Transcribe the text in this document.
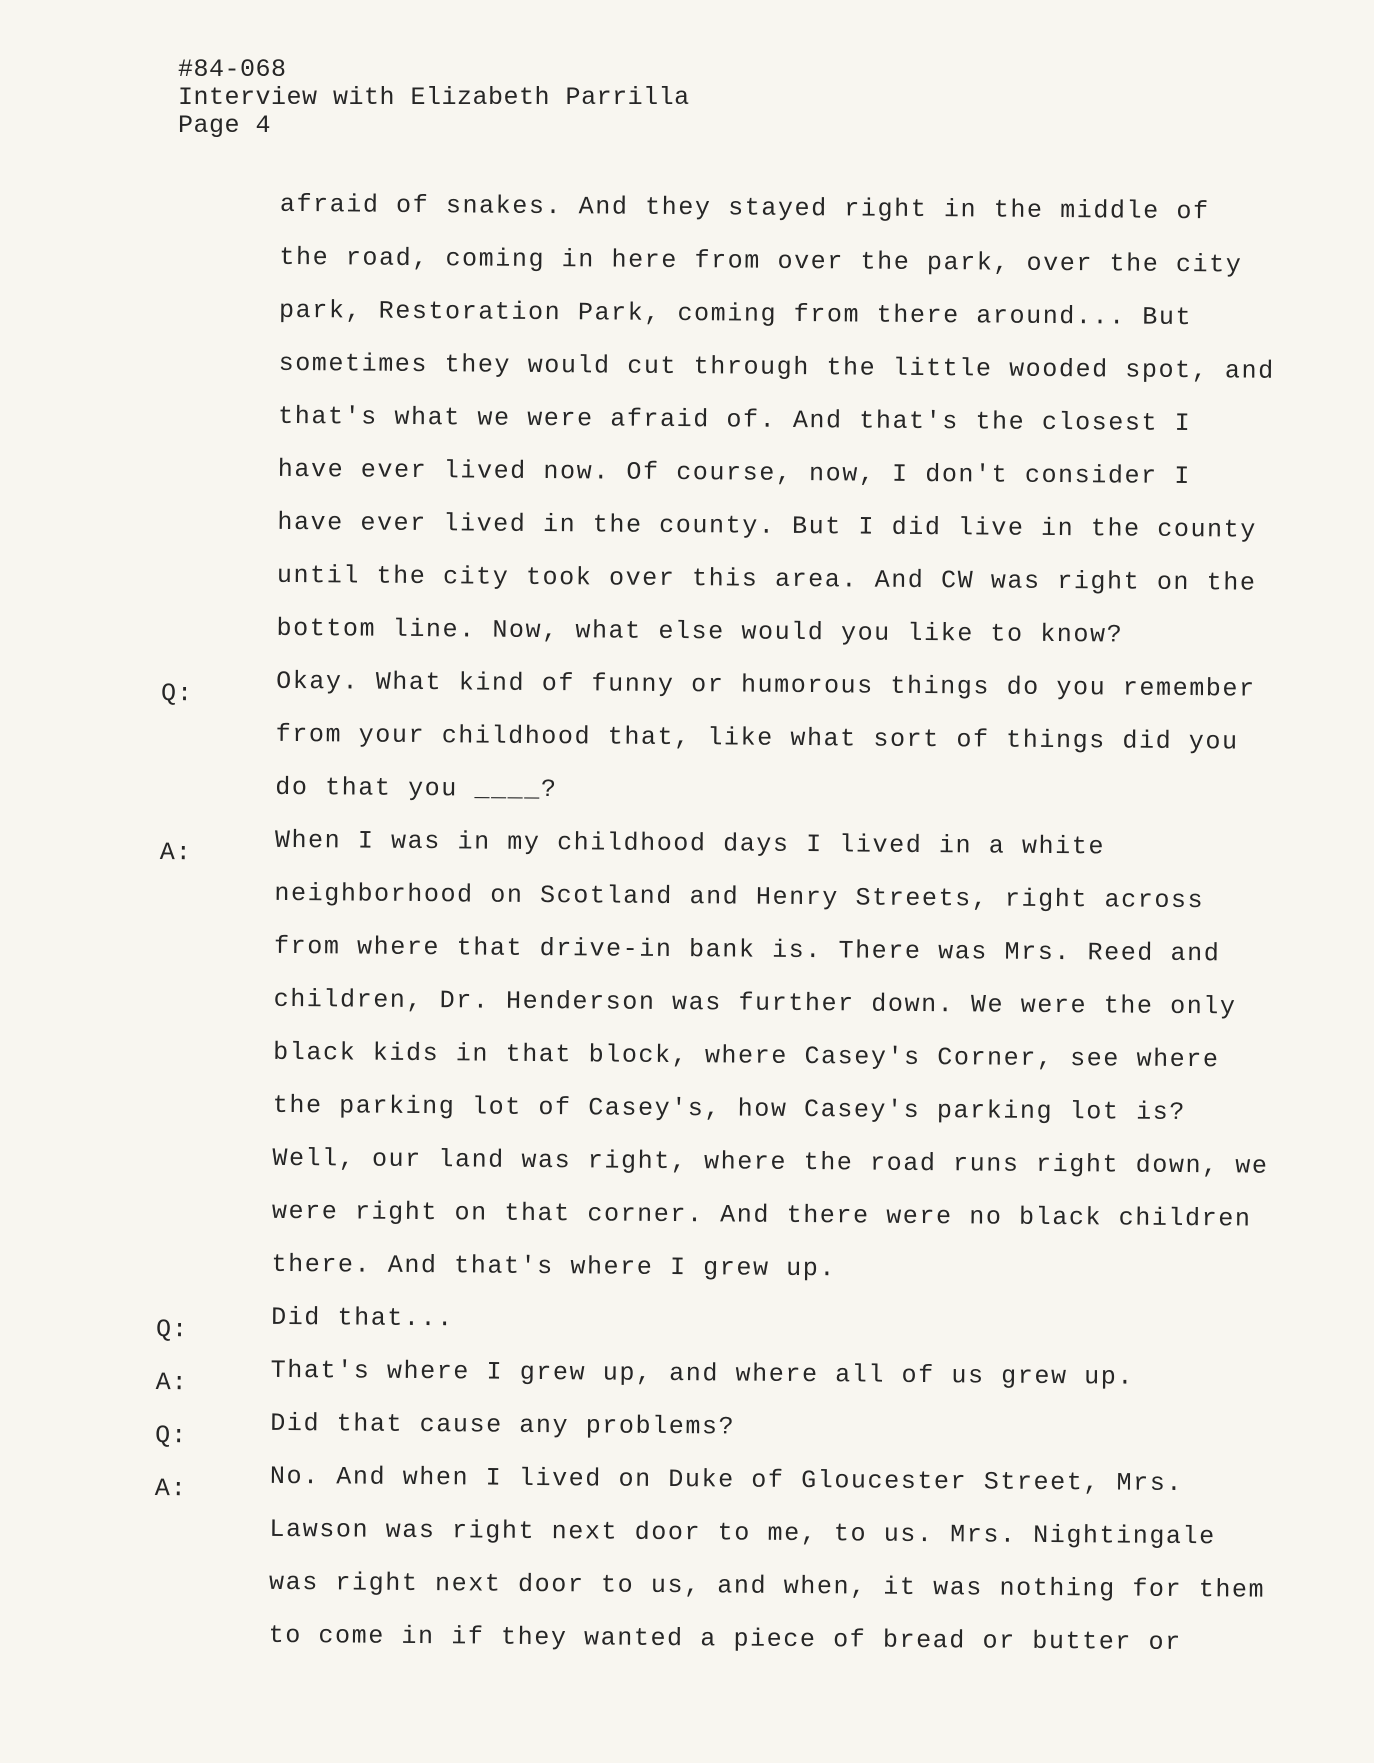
#84-068
Interview with Elizabeth Parrilla
Page 4
afraid of snakes. And they stayed right in the middle of
the road, coming in here from over the park, over the city
park, Restoration Park, coming from there around... But
sometimes they would cut through the little wooded spot, and
that's what we were afraid of. And that's the closest I
have ever lived now. Of course, now, I don't consider I
have ever lived in the county. But I did live in the county
until the city took over this area. And CW was right on the
bottom line. Now, what else would you like to know?
Q:	Okay. What kind of funny or humorous things do you remember
from your childhood that, like what sort of things did you
do that you ____?
A:	When I was in my childhood days I lived in a white
neighborhood on Scotland and Henry Streets, right across
from where that drive-in bank is. There was Mrs. Reed and
children, Dr. Henderson was further down. We were the only
black kids in that block, where Casey's Corner, see where
the parking lot of Casey's, how Casey's parking lot is?
Well, our land was right, where the road runs right down, we
were right on that corner. And there were no black children
there. And that's where I grew up.
Q:	Did that...
A:	That's where I grew up, and where all of us grew up.
Q:	Did that cause any problems?
A:	No. And when I lived on Duke of Gloucester Street, Mrs.
Lawson was right next door to me, to us. Mrs. Nightingale
was right next door to us, and when, it was nothing for them
to come in if they wanted a piece of bread or butter or
